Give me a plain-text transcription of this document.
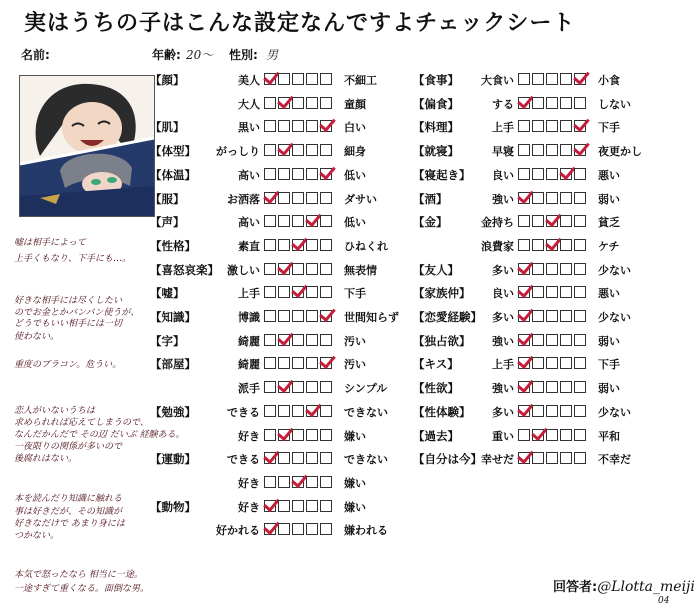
実はうちの子はこんな設定なんですよチェックシート
名前:	年齢: 20～ 性別: 男
嘘は相手によって
上手くもなり、下手にも…。
好きな相手には尽くしたい
のでお金とかバンバン使うが、
どうでもいい相手には一切
使わない。
重度のブラコン。危うい。
恋人がいないうちは
求められれば応えてしまうので、
なんだかんだで その辺 だいぶ 経験ある。
一夜限りの関係が多いので
後腐れはない。
本を読んだり知識に触れる
事は好きだが、その知識が
好きなだけで あまり身には
つかない。
本気で怒ったなら 相当に一途。
一途すぎて重くなる。面倒な男。
【顔】	美人	不細工
大人	童顔
【肌】	黒い	白い
【体型】 がっしり	細身
【体温】	高い	低い
【服】	お洒落	ダサい
【声】	高い	低い
【性格】	素直	ひねくれ
【喜怒哀楽】 激しい	無表情
【嘘】	上手	下手
【知識】	博識	世間知らず
【字】	綺麗	汚い
【部屋】	綺麗	汚い
派手	シンプル
【勉強】	できる	できない
好き	嫌い
【運動】	できる	できない
好き	嫌い
【動物】	好き	嫌い
好かれる	嫌われる
【食事】 大食い	小食
【偏食】	する	しない
【料理】	上手	下手
【就寝】	早寝	夜更かし
【寝起き】 良い	悪い
【酒】	強い	弱い
【金】	金持ち	貧乏
浪費家	ケチ
【友人】	多い	少ない
【家族仲】 良い	悪い
【恋愛経験】 多い	少ない
【独占欲】 強い	弱い
【キス】	上手	下手
【性欲】	強い	弱い
【性体験】 多い	少ない
【過去】	重い	平和
【自分は今】 幸せだ	不幸だ
回答者:@Llotta_meiji
04
